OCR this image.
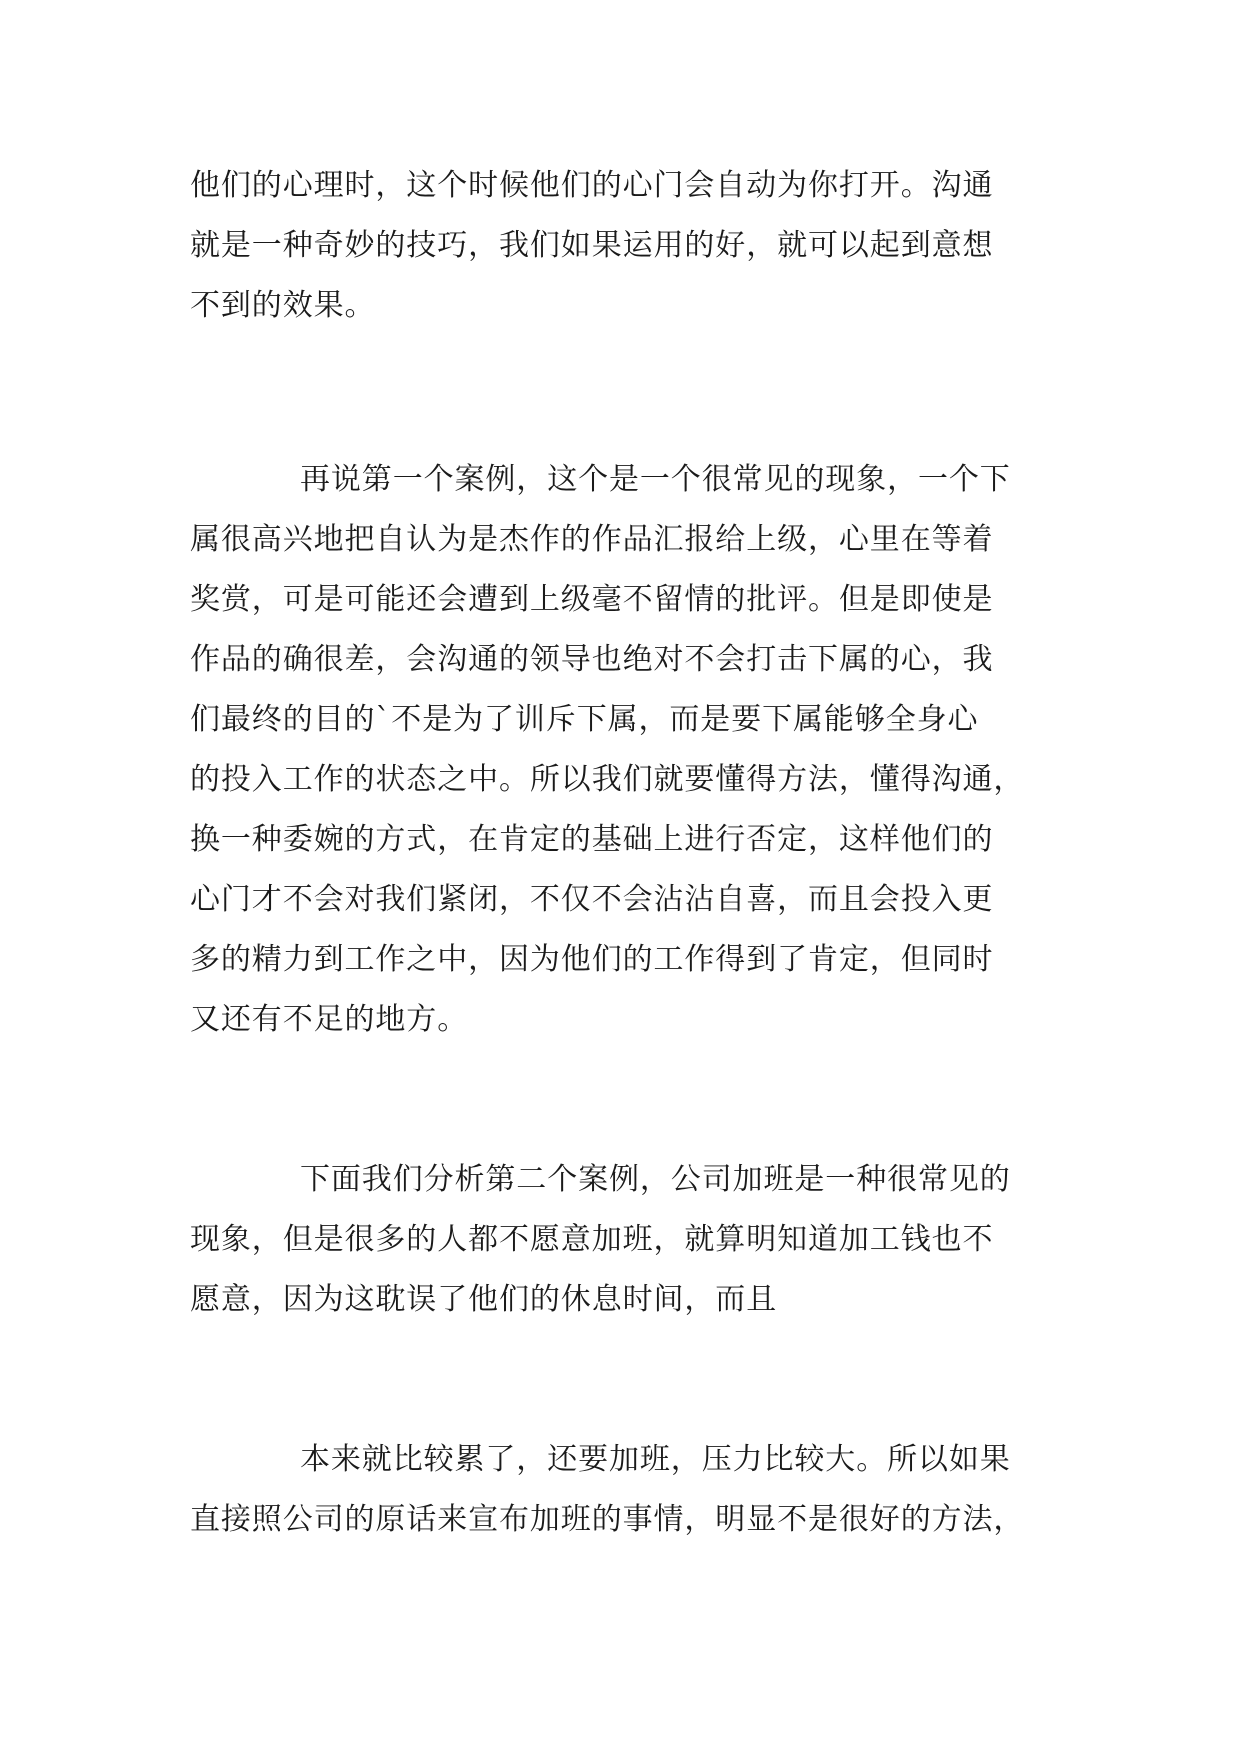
他们的心理时，这个时候他们的心门会自动为你打开。沟通
就是一种奇妙的技巧，我们如果运用的好，就可以起到意想
不到的效果。
再说第一个案例，这个是一个很常见的现象，一个下
属很高兴地把自认为是杰作的作品汇报给上级，心里在等着
奖赏，可是可能还会遭到上级毫不留情的批评。但是即使是
作品的确很差，会沟通的领导也绝对不会打击下属的心，我
们最终的目的`不是为了训斥下属，而是要下属能够全身心
的投入工作的状态之中。所以我们就要懂得方法，懂得沟通，
换一种委婉的方式，在肯定的基础上进行否定，这样他们的
心门才不会对我们紧闭，不仅不会沾沾自喜，而且会投入更
多的精力到工作之中，因为他们的工作得到了肯定，但同时
又还有不足的地方。
下面我们分析第二个案例，公司加班是一种很常见的
现象，但是很多的人都不愿意加班，就算明知道加工钱也不
愿意，因为这耽误了他们的休息时间，而且
本来就比较累了，还要加班，压力比较大。所以如果
直接照公司的原话来宣布加班的事情，明显不是很好的方法，
